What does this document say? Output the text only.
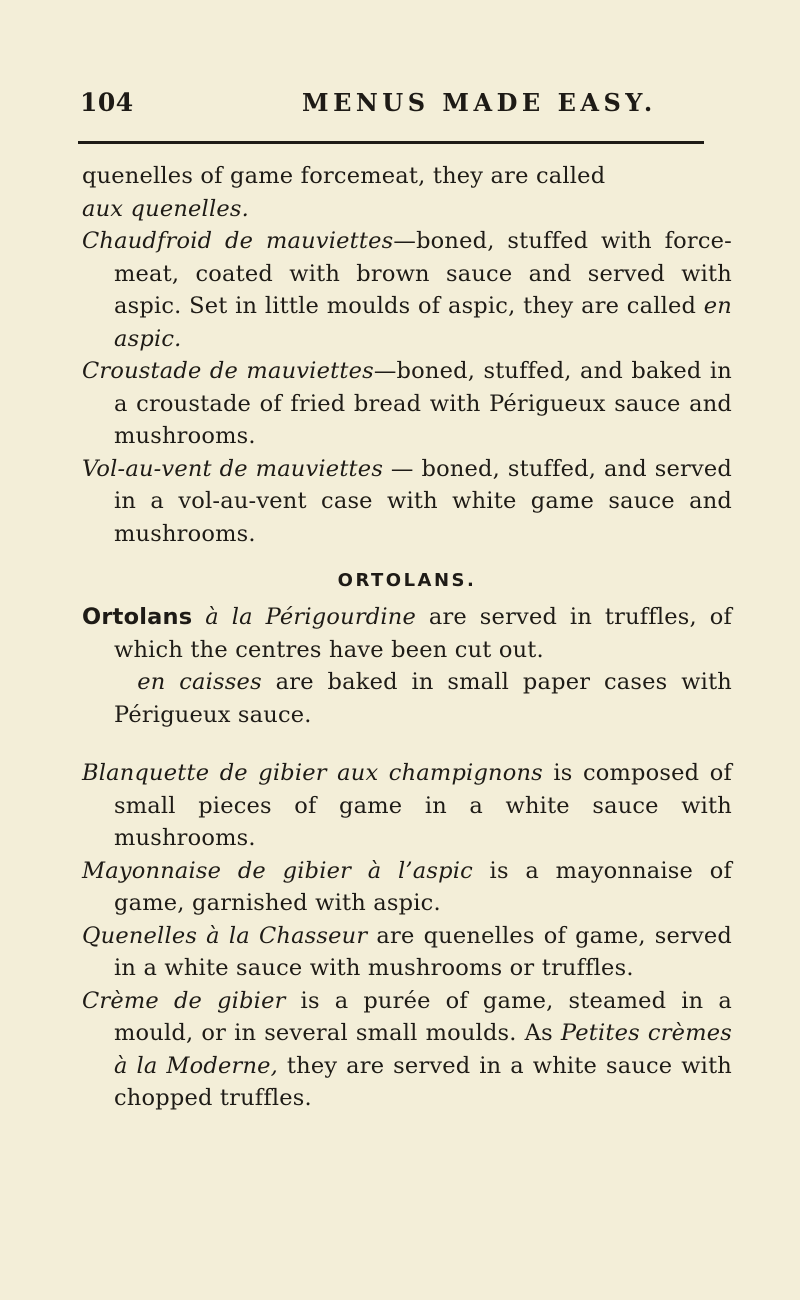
104	MENUS MADE EASY.

quenelles of game forcemeat, they are called
aux quenelles.

Chaudfroid de mauviettes—boned, stuffed with force-meat, coated with brown sauce and served with aspic. Set in little moulds of aspic, they are called en aspic.

Croustade de mauviettes—boned, stuffed, and baked in a croustade of fried bread with Périgueux sauce and mushrooms.

Vol-au-vent de mauviettes — boned, stuffed, and served in a vol-au-vent case with white game sauce and mushrooms.

ORTOLANS.

Ortolans à la Périgourdine are served in truffles, of which the centres have been cut out.

en caisses are baked in small paper cases with Périgueux sauce.

Blanquette de gibier aux champignons is composed of small pieces of game in a white sauce with mushrooms.

Mayonnaise de gibier à l’aspic is a mayonnaise of game, garnished with aspic.

Quenelles à la Chasseur are quenelles of game, served in a white sauce with mushrooms or truffles.

Crème de gibier is a purée of game, steamed in a mould, or in several small moulds. As Petites crèmes à la Moderne, they are served in a white sauce with chopped truffles.
